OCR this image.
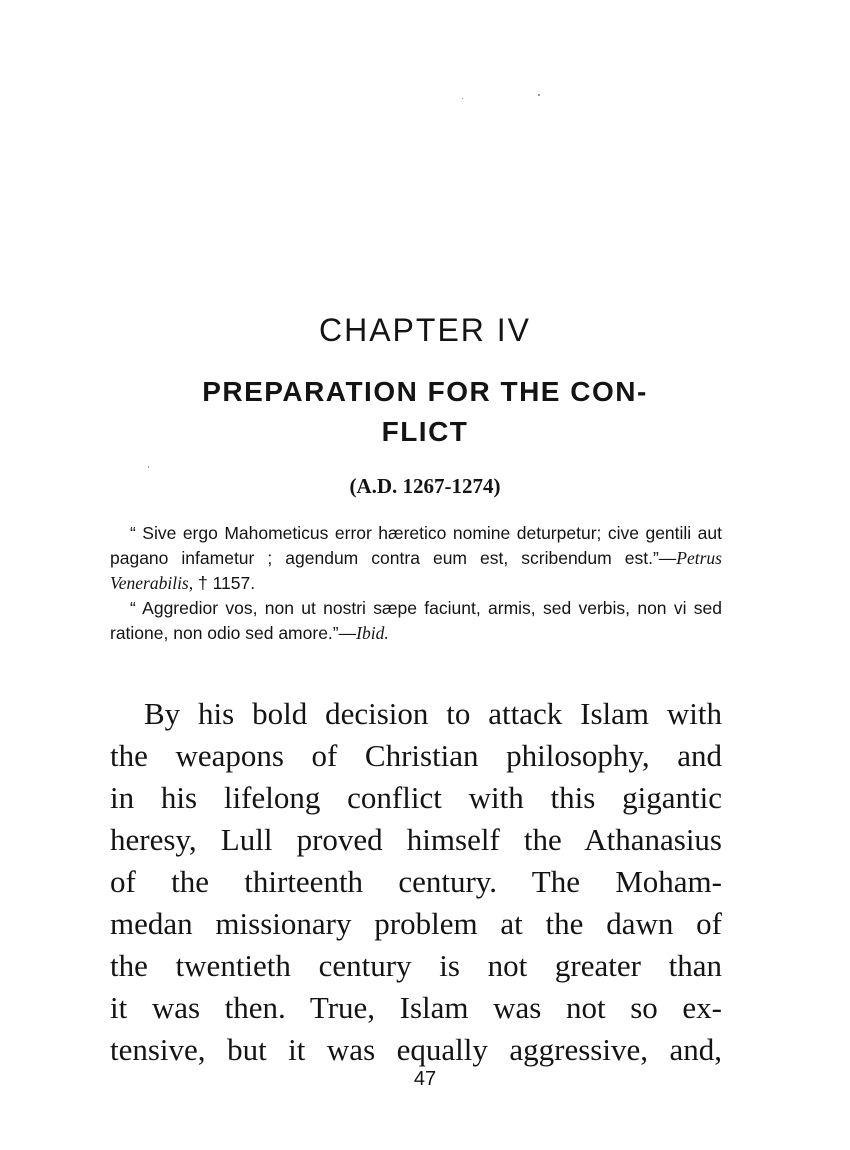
CHAPTER IV
PREPARATION FOR THE CON-
FLICT
(A.D. 1267-1274)

“ Sive ergo Mahometicus error hæretico nomine deturpetur; cive gentili aut pagano infametur ; agendum contra eum est, scribendum est.”—Petrus Venerabilis, † 1157.

“ Aggredior vos, non ut nostri sæpe faciunt, armis, sed verbis, non vi sed ratione, non odio sed amore.”—Ibid.

By his bold decision to attack Islam with
the weapons of Christian philosophy, and
in his lifelong conflict with this gigantic
heresy, Lull proved himself the Athanasius
of the thirteenth century. The Moham-
medan missionary problem at the dawn of
the twentieth century is not greater than
it was then. True, Islam was not so ex-
tensive, but it was equally aggressive, and,
47
